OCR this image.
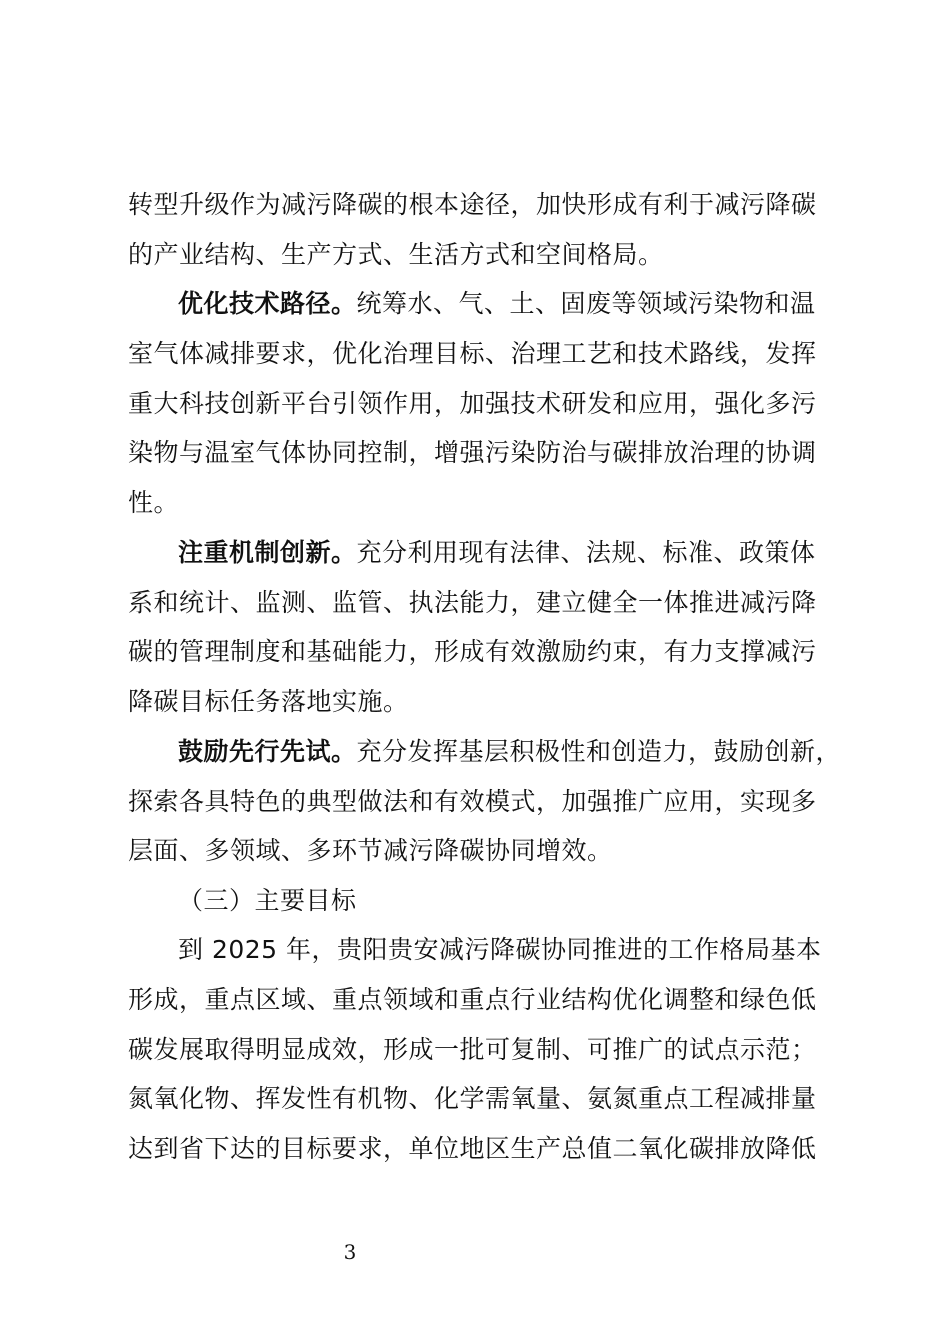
转型升级作为减污降碳的根本途径，加快形成有利于减污降碳
的产业结构、生产方式、生活方式和空间格局。
优化技术路径。统筹水、气、土、固废等领域污染物和温
室气体减排要求，优化治理目标、治理工艺和技术路线，发挥
重大科技创新平台引领作用，加强技术研发和应用，强化多污
染物与温室气体协同控制，增强污染防治与碳排放治理的协调
性。
注重机制创新。充分利用现有法律、法规、标准、政策体
系和统计、监测、监管、执法能力，建立健全一体推进减污降
碳的管理制度和基础能力，形成有效激励约束，有力支撑减污
降碳目标任务落地实施。
鼓励先行先试。充分发挥基层积极性和创造力，鼓励创新，
探索各具特色的典型做法和有效模式，加强推广应用，实现多
层面、多领域、多环节减污降碳协同增效。
（三）主要目标
到 2025 年，贵阳贵安减污降碳协同推进的工作格局基本
形成，重点区域、重点领域和重点行业结构优化调整和绿色低
碳发展取得明显成效，形成一批可复制、可推广的试点示范；
氮氧化物、挥发性有机物、化学需氧量、氨氮重点工程减排量
达到省下达的目标要求，单位地区生产总值二氧化碳排放降低
3
